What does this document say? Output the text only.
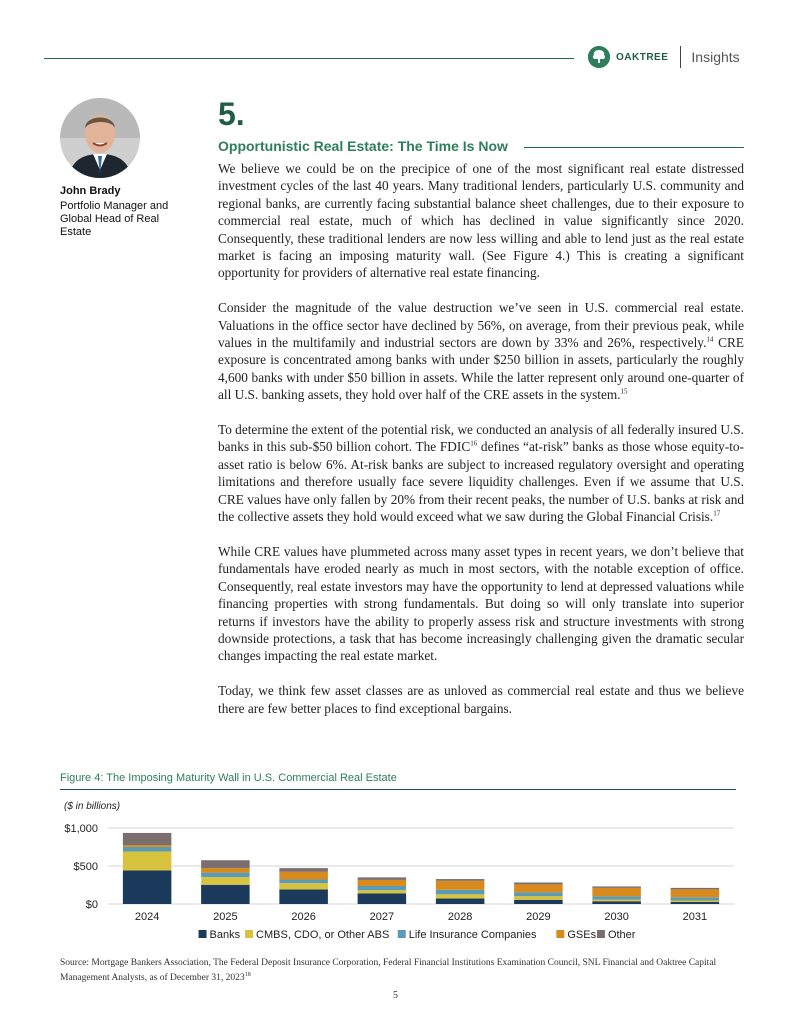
OAKTREE Insights
John Brady
Portfolio Manager and Global Head of Real Estate
5.
Opportunistic Real Estate: The Time Is Now

We believe we could be on the precipice of one of the most significant real estate distressed investment cycles of the last 40 years. Many traditional lenders, particularly U.S. community and regional banks, are currently facing substantial balance sheet challenges, due to their exposure to commercial real estate, much of which has declined in value significantly since 2020. Consequently, these traditional lenders are now less willing and able to lend just as the real estate market is facing an imposing maturity wall. (See Figure 4.) This is creating a significant opportunity for providers of alternative real estate financing.

Consider the magnitude of the value destruction we’ve seen in U.S. commercial real estate. Valuations in the office sector have declined by 56%, on average, from their previous peak, while values in the multifamily and industrial sectors are down by 33% and 26%, respectively.$^{14}$ CRE exposure is concentrated among banks with under $250 billion in assets, particularly the roughly 4,600 banks with under $50 billion in assets. While the latter represent only around one-quarter of all U.S. banking assets, they hold over half of the CRE assets in the system.$^{15}$

To determine the extent of the potential risk, we conducted an analysis of all federally insured U.S. banks in this sub-$50 billion cohort. The FDIC$^{16}$ defines “at-risk” banks as those whose equity-to-asset ratio is below 6%. At-risk banks are subject to increased regulatory oversight and operating limitations and therefore usually face severe liquidity challenges. Even if we assume that U.S. CRE values have only fallen by 20% from their recent peaks, the number of U.S. banks at risk and the collective assets they hold would exceed what we saw during the Global Financial Crisis.$^{17}$

While CRE values have plummeted across many asset types in recent years, we don’t believe that fundamentals have eroded nearly as much in most sectors, with the notable exception of office. Consequently, real estate investors may have the opportunity to lend at depressed valuations while financing properties with strong fundamentals. But doing so will only translate into superior returns if investors have the ability to properly assess risk and structure investments with strong downside protections, a task that has become increasingly challenging given the dramatic secular changes impacting the real estate market.

Today, we think few asset classes are as unloved as commercial real estate and thus we believe there are few better places to find exceptional bargains.

Figure 4: The Imposing Maturity Wall in U.S. Commercial Real Estate
($ in billions)
$0
$500
$1,000
2024	2025	2026	2027	2028	2029	2030	2031
Banks CMBS, CDO, or Other ABS Life Insurance Companies	GSEs Other
Source: Mortgage Bankers Association, The Federal Deposit Insurance Corporation, Federal Financial Institutions Examination Council, SNL Financial and Oaktree Capital Management Analysts, as of December 31, 2023$^{18}$
5
